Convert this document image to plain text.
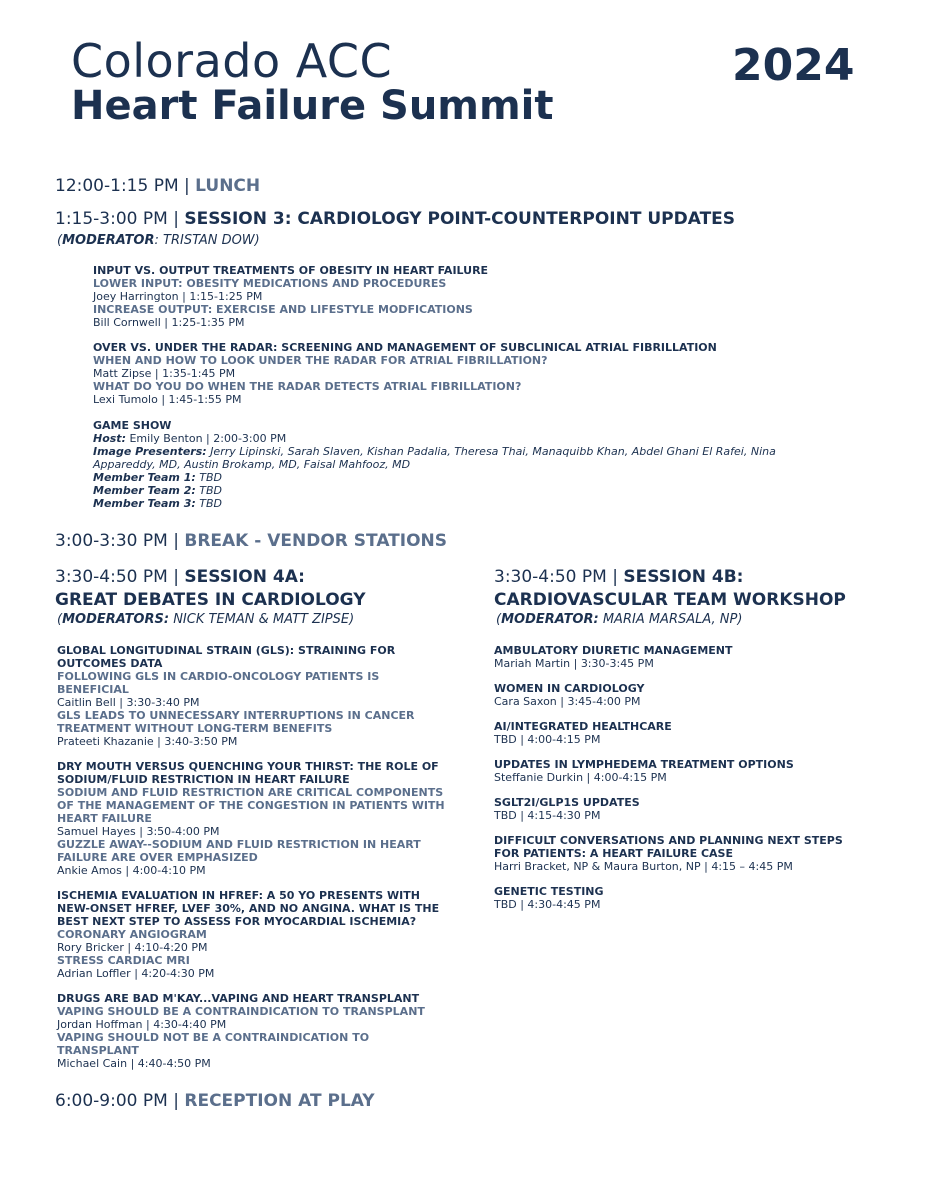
Colorado ACC
Heart Failure Summit
2024
12:00-1:15 PM | LUNCH
1:15-3:00 PM | SESSION 3: CARDIOLOGY POINT-COUNTERPOINT UPDATES
(MODERATOR: TRISTAN DOW)
INPUT VS. OUTPUT TREATMENTS OF OBESITY IN HEART FAILURE
LOWER INPUT: OBESITY MEDICATIONS AND PROCEDURES
Joey Harrington | 1:15-1:25 PM
INCREASE OUTPUT: EXERCISE AND LIFESTYLE MODFICATIONS
Bill Cornwell | 1:25-1:35 PM
OVER VS. UNDER THE RADAR: SCREENING AND MANAGEMENT OF SUBCLINICAL ATRIAL FIBRILLATION
WHEN AND HOW TO LOOK UNDER THE RADAR FOR ATRIAL FIBRILLATION?
Matt Zipse | 1:35-1:45 PM
WHAT DO YOU DO WHEN THE RADAR DETECTS ATRIAL FIBRILLATION?
Lexi Tumolo | 1:45-1:55 PM
GAME SHOW
Host: Emily Benton | 2:00-3:00 PM
Image Presenters: Jerry Lipinski, Sarah Slaven, Kishan Padalia, Theresa Thai, Manaquibb Khan, Abdel Ghani El Rafei, Nina
Appareddy, MD, Austin Brokamp, MD, Faisal Mahfooz, MD
Member Team 1: TBD
Member Team 2: TBD
Member Team 3: TBD
3:00-3:30 PM | BREAK - VENDOR STATIONS
3:30-4:50 PM | SESSION 4A:
GREAT DEBATES IN CARDIOLOGY
(MODERATORS: NICK TEMAN & MATT ZIPSE)
GLOBAL LONGITUDINAL STRAIN (GLS): STRAINING FOR
OUTCOMES DATA
FOLLOWING GLS IN CARDIO-ONCOLOGY PATIENTS IS
BENEFICIAL
Caitlin Bell | 3:30-3:40 PM
GLS LEADS TO UNNECESSARY INTERRUPTIONS IN CANCER
TREATMENT WITHOUT LONG-TERM BENEFITS
Prateeti Khazanie | 3:40-3:50 PM
DRY MOUTH VERSUS QUENCHING YOUR THIRST: THE ROLE OF
SODIUM/FLUID RESTRICTION IN HEART FAILURE
SODIUM AND FLUID RESTRICTION ARE CRITICAL COMPONENTS
OF THE MANAGEMENT OF THE CONGESTION IN PATIENTS WITH
HEART FAILURE
Samuel Hayes | 3:50-4:00 PM
GUZZLE AWAY--SODIUM AND FLUID RESTRICTION IN HEART
FAILURE ARE OVER EMPHASIZED
Ankie Amos | 4:00-4:10 PM
ISCHEMIA EVALUATION IN HFREF: A 50 YO PRESENTS WITH
NEW-ONSET HFREF, LVEF 30%, AND NO ANGINA. WHAT IS THE
BEST NEXT STEP TO ASSESS FOR MYOCARDIAL ISCHEMIA?
CORONARY ANGIOGRAM
Rory Bricker | 4:10-4:20 PM
STRESS CARDIAC MRI
Adrian Loffler | 4:20-4:30 PM
DRUGS ARE BAD M'KAY...VAPING AND HEART TRANSPLANT
VAPING SHOULD BE A CONTRAINDICATION TO TRANSPLANT
Jordan Hoffman | 4:30-4:40 PM
VAPING SHOULD NOT BE A CONTRAINDICATION TO
TRANSPLANT
Michael Cain | 4:40-4:50 PM
3:30-4:50 PM | SESSION 4B:
CARDIOVASCULAR TEAM WORKSHOP
(MODERATOR: MARIA MARSALA, NP)
AMBULATORY DIURETIC MANAGEMENT
Mariah Martin | 3:30-3:45 PM
WOMEN IN CARDIOLOGY
Cara Saxon | 3:45-4:00 PM
AI/INTEGRATED HEALTHCARE
TBD | 4:00-4:15 PM
UPDATES IN LYMPHEDEMA TREATMENT OPTIONS
Steffanie Durkin | 4:00-4:15 PM
SGLT2I/GLP1S UPDATES
TBD | 4:15-4:30 PM
DIFFICULT CONVERSATIONS AND PLANNING NEXT STEPS
FOR PATIENTS: A HEART FAILURE CASE
Harri Bracket, NP & Maura Burton, NP | 4:15 – 4:45 PM
GENETIC TESTING
TBD | 4:30-4:45 PM
6:00-9:00 PM | RECEPTION AT PLAY
